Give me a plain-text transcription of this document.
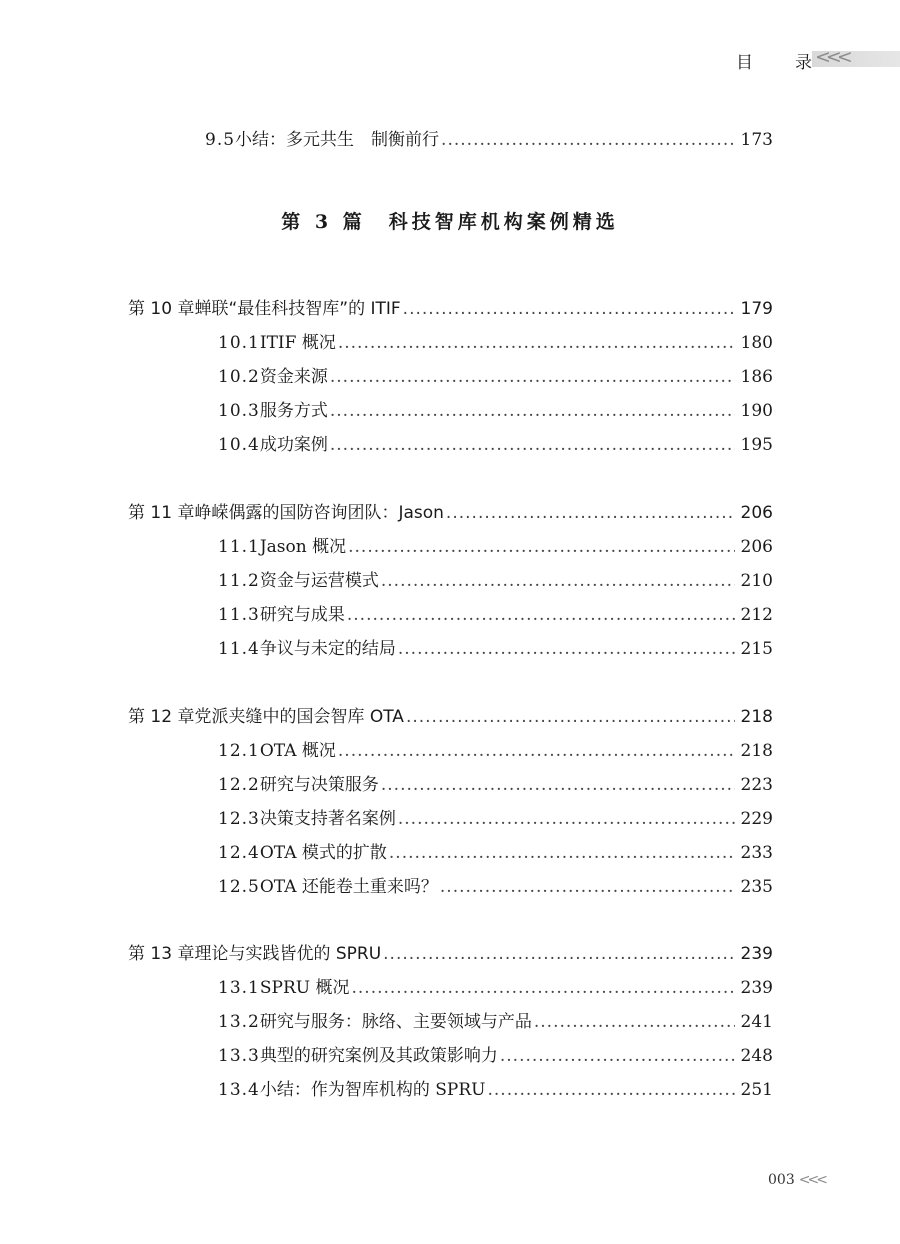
目 录 <<<
9.5 小结：多元共生　制衡前行 .....	173
第 3 篇　科技智库机构案例精选
第 10 章 蝉联“最佳科技智库”的 ITIF .....	179
10.1 ITIF 概况 .....	180
10.2 资金来源 .....	186
10.3 服务方式 .....	190
10.4 成功案例 .....	195
第 11 章 峥嵘偶露的国防咨询团队：Jason .....	206
11.1 Jason 概况 .....	206
11.2 资金与运营模式 .....	210
11.3 研究与成果 .....	212
11.4 争议与未定的结局 .....	215
第 12 章 党派夹缝中的国会智库 OTA .....	218
12.1 OTA 概况 .....	218
12.2 研究与决策服务 .....	223
12.3 决策支持著名案例 .....	229
12.4 OTA 模式的扩散 .....	233
12.5 OTA 还能卷土重来吗？ .....	235
第 13 章 理论与实践皆优的 SPRU .....	239
13.1 SPRU 概况 .....	239
13.2 研究与服务：脉络、主要领域与产品 .....	241
13.3 典型的研究案例及其政策影响力 .....	248
13.4 小结：作为智库机构的 SPRU .....	251
003 <<<
